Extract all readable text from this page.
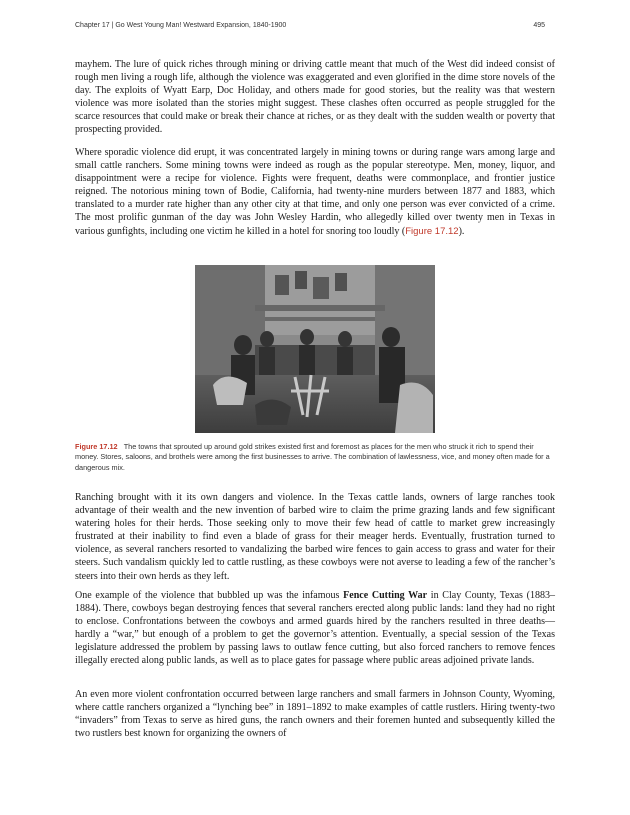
Chapter 17 | Go West Young Man! Westward Expansion, 1840-1900	495

mayhem. The lure of quick riches through mining or driving cattle meant that much of the West did indeed consist of rough men living a rough life, although the violence was exaggerated and even glorified in the dime store novels of the day. The exploits of Wyatt Earp, Doc Holiday, and others made for good stories, but the reality was that western violence was more isolated than the stories might suggest. These clashes often occurred as people struggled for the scarce resources that could make or break their chance at riches, or as they dealt with the sudden wealth or poverty that prospecting provided.

Where sporadic violence did erupt, it was concentrated largely in mining towns or during range wars among large and small cattle ranchers. Some mining towns were indeed as rough as the popular stereotype. Men, money, liquor, and disappointment were a recipe for violence. Fights were frequent, deaths were commonplace, and frontier justice reigned. The notorious mining town of Bodie, California, had twenty-nine murders between 1877 and 1883, which translated to a murder rate higher than any other city at that time, and only one person was ever convicted of a crime. The most prolific gunman of the day was John Wesley Hardin, who allegedly killed over twenty men in Texas in various gunfights, including one victim he killed in a hotel for snoring too loudly (Figure 17.12).

Figure 17.12 The towns that sprouted up around gold strikes existed first and foremost as places for the men who struck it rich to spend their money. Stores, saloons, and brothels were among the first businesses to arrive. The combination of lawlessness, vice, and money often made for a dangerous mix.

Ranching brought with it its own dangers and violence. In the Texas cattle lands, owners of large ranches took advantage of their wealth and the new invention of barbed wire to claim the prime grazing lands and few significant watering holes for their herds. Those seeking only to move their few head of cattle to market grew increasingly frustrated at their inability to find even a blade of grass for their meager herds. Eventually, frustration turned to violence, as several ranchers resorted to vandalizing the barbed wire fences to gain access to grass and water for their steers. Such vandalism quickly led to cattle rustling, as these cowboys were not averse to leading a few of the rancher’s steers into their own herds as they left.

One example of the violence that bubbled up was the infamous Fence Cutting War in Clay County, Texas (1883–1884). There, cowboys began destroying fences that several ranchers erected along public lands: land they had no right to enclose. Confrontations between the cowboys and armed guards hired by the ranchers resulted in three deaths—hardly a “war,” but enough of a problem to get the governor’s attention. Eventually, a special session of the Texas legislature addressed the problem by passing laws to outlaw fence cutting, but also forced ranchers to remove fences illegally erected along public lands, as well as to place gates for passage where public areas adjoined private lands.

An even more violent confrontation occurred between large ranchers and small farmers in Johnson County, Wyoming, where cattle ranchers organized a “lynching bee” in 1891–1892 to make examples of cattle rustlers. Hiring twenty-two “invaders” from Texas to serve as hired guns, the ranch owners and their foremen hunted and subsequently killed the two rustlers best known for organizing the owners of
